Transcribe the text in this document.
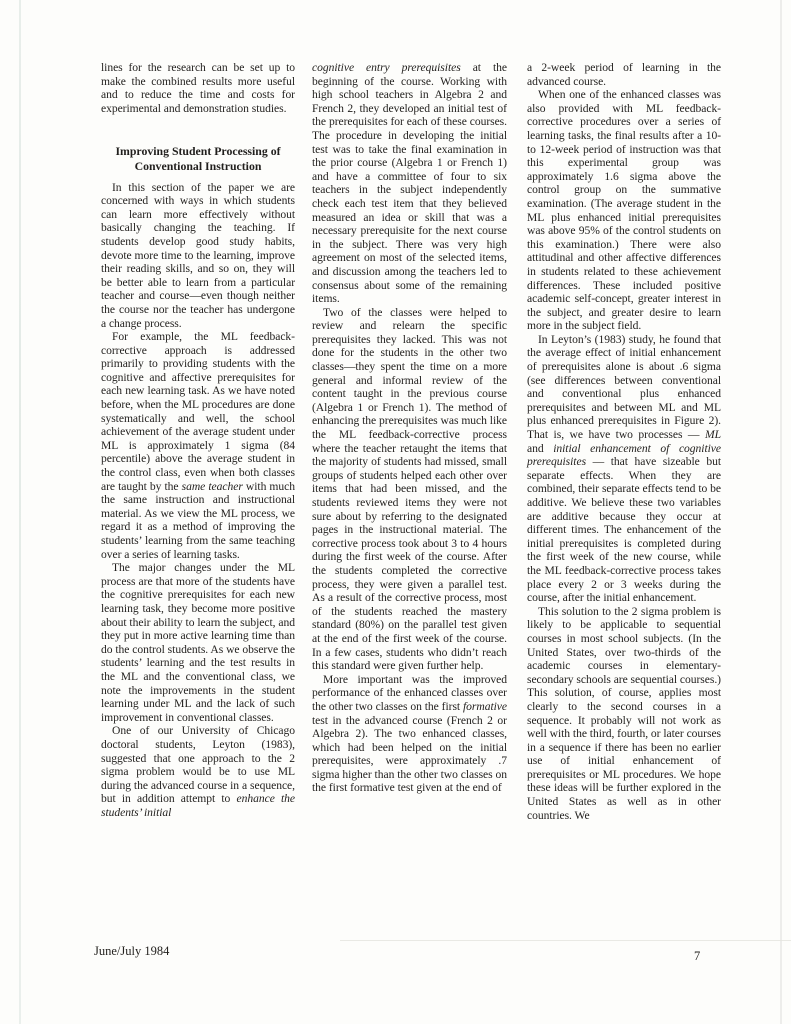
lines for the research can be set up to make the combined results more useful and to reduce the time and costs for experimental and demonstration studies.

Improving Student Processing of
Conventional Instruction

In this section of the paper we are concerned with ways in which students can learn more effectively without basically changing the teaching. If students develop good study habits, devote more time to the learning, improve their reading skills, and so on, they will be better able to learn from a particular teacher and course—even though neither the course nor the teacher has undergone a change process.

For example, the ML feedback-corrective approach is addressed primarily to providing students with the cognitive and affective prerequisites for each new learning task. As we have noted before, when the ML procedures are done systematically and well, the school achievement of the average student under ML is approximately 1 sigma (84 percentile) above the average student in the control class, even when both classes are taught by the same teacher with much the same instruction and instructional material. As we view the ML process, we regard it as a method of improving the students’ learning from the same teaching over a series of learning tasks.

The major changes under the ML process are that more of the students have the cognitive prerequisites for each new learning task, they become more positive about their ability to learn the subject, and they put in more active learning time than do the control students. As we observe the students’ learning and the test results in the ML and the conventional class, we note the improvements in the student learning under ML and the lack of such improvement in conventional classes.

One of our University of Chicago doctoral students, Leyton (1983), suggested that one approach to the 2 sigma problem would be to use ML during the advanced course in a sequence, but in addition attempt to enhance the students’ initial

cognitive entry prerequisites at the beginning of the course. Working with high school teachers in Algebra 2 and French 2, they developed an initial test of the prerequisites for each of these courses. The procedure in developing the initial test was to take the final examination in the prior course (Algebra 1 or French 1) and have a committee of four to six teachers in the subject independently check each test item that they believed measured an idea or skill that was a necessary prerequisite for the next course in the subject. There was very high agreement on most of the selected items, and discussion among the teachers led to consensus about some of the remaining items.

Two of the classes were helped to review and relearn the specific prerequisites they lacked. This was not done for the students in the other two classes—they spent the time on a more general and informal review of the content taught in the previous course (Algebra 1 or French 1). The method of enhancing the prerequisites was much like the ML feedback-corrective process where the teacher retaught the items that the majority of students had missed, small groups of students helped each other over items that had been missed, and the students reviewed items they were not sure about by referring to the designated pages in the instructional material. The corrective process took about 3 to 4 hours during the first week of the course. After the students completed the corrective process, they were given a parallel test. As a result of the corrective process, most of the students reached the mastery standard (80%) on the parallel test given at the end of the first week of the course. In a few cases, students who didn’t reach this standard were given further help.

More important was the improved performance of the enhanced classes over the other two classes on the first formative test in the advanced course (French 2 or Algebra 2). The two enhanced classes, which had been helped on the initial prerequisites, were approximately .7 sigma higher than the other two classes on the first formative test given at the end of

a 2-week period of learning in the advanced course.

When one of the enhanced classes was also provided with ML feedback-corrective procedures over a series of learning tasks, the final results after a 10- to 12-week period of instruction was that this experimental group was approximately 1.6 sigma above the control group on the summative examination. (The average student in the ML plus enhanced initial prerequisites was above 95% of the control students on this examination.) There were also attitudinal and other affective differences in students related to these achievement differences. These included positive academic self-concept, greater interest in the subject, and greater desire to learn more in the subject field.

In Leyton’s (1983) study, he found that the average effect of initial enhancement of prerequisites alone is about .6 sigma (see differences between conventional and conventional plus enhanced prerequisites and between ML and ML plus enhanced prerequisites in Figure 2). That is, we have two processes — ML and initial enhancement of cognitive prerequisites — that have sizeable but separate effects. When they are combined, their separate effects tend to be additive. We believe these two variables are additive because they occur at different times. The enhancement of the initial prerequisites is completed during the first week of the new course, while the ML feedback-corrective process takes place every 2 or 3 weeks during the course, after the initial enhancement.

This solution to the 2 sigma problem is likely to be applicable to sequential courses in most school subjects. (In the United States, over two-thirds of the academic courses in elementary-secondary schools are sequential courses.) This solution, of course, applies most clearly to the second courses in a sequence. It probably will not work as well with the third, fourth, or later courses in a sequence if there has been no earlier use of initial enhancement of prerequisites or ML procedures. We hope these ideas will be further explored in the United States as well as in other countries. We

June/July 1984	7
